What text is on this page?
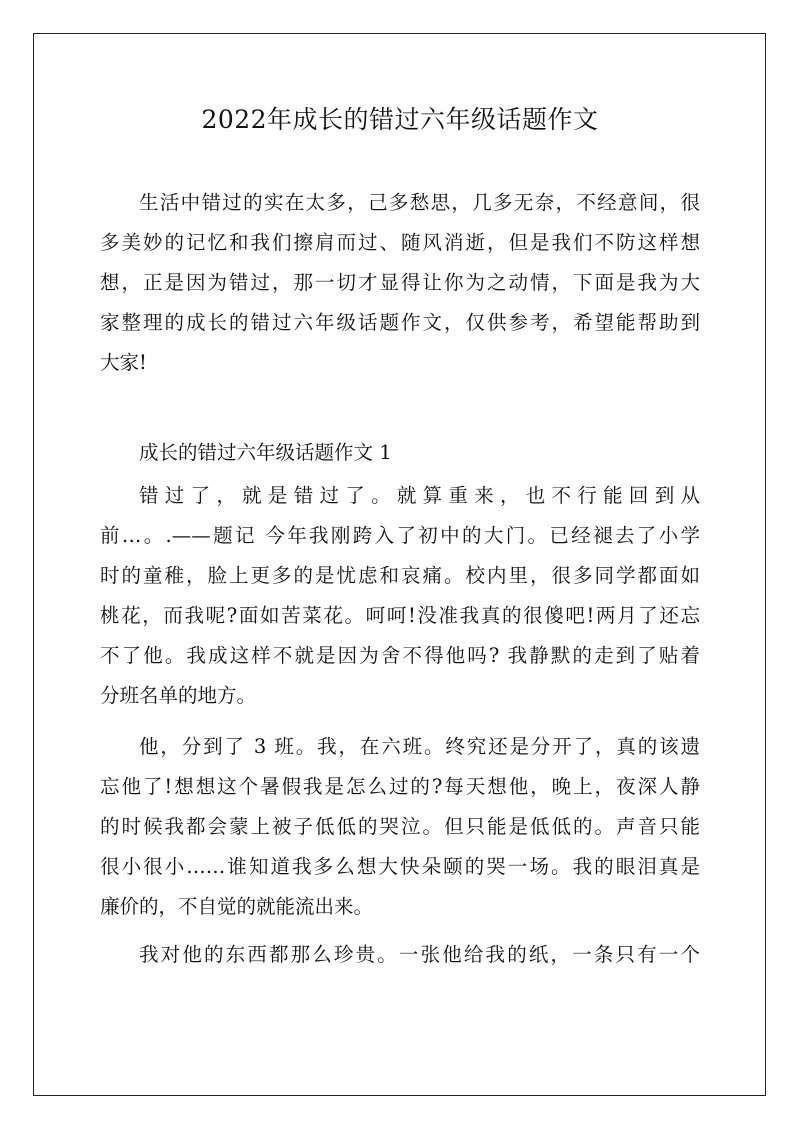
2022年成长的错过六年级话题作文
生活中错过的实在太多，己多愁思，几多无奈，不经意间，很
多美妙的记忆和我们擦肩而过、随风消逝，但是我们不防这样想
想，正是因为错过，那一切才显得让你为之动情，下面是我为大
家整理的成长的错过六年级话题作文，仅供参考，希望能帮助到
大家!
成长的错过六年级话题作文 1
错过了，就是错过了。就算重来，也不行能回到从
前…。.——题记 今年我刚跨入了初中的大门。已经褪去了小学
时的童稚，脸上更多的是忧虑和哀痛。校内里，很多同学都面如
桃花，而我呢?面如苦菜花。呵呵!没准我真的很傻吧!两月了还忘
不了他。我成这样不就是因为舍不得他吗? 我静默的走到了贴着
分班名单的地方。
他，分到了 3 班。我，在六班。终究还是分开了，真的该遗
忘他了!想想这个暑假我是怎么过的?每天想他，晚上，夜深人静
的时候我都会蒙上被子低低的哭泣。但只能是低低的。声音只能
很小很小……谁知道我多么想大快朵颐的哭一场。我的眼泪真是
廉价的，不自觉的就能流出来。
我对他的东西都那么珍贵。一张他给我的纸，一条只有一个
